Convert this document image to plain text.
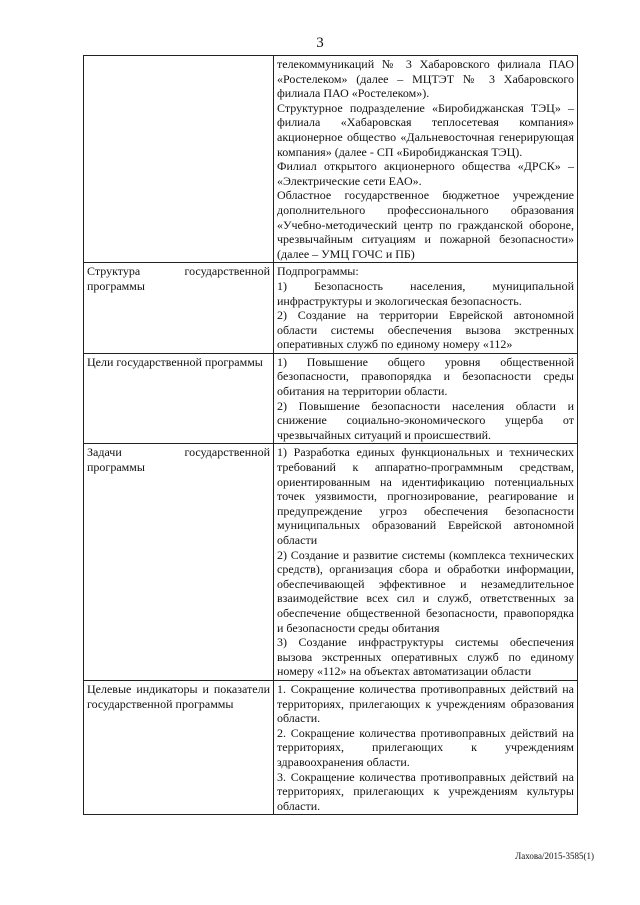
3

	телекоммуникаций № 3 Хабаровского филиала ПАО «Ростелеком» (далее – МЦТЭТ № 3 Хабаровского филиала ПАО «Ростелеком»).

Структурное подразделение «Биробиджанская ТЭЦ» – филиала «Хабаровская теплосетевая компания» акционерное общество «Дальневосточная генерирующая компания» (далее - СП «Биробиджанская ТЭЦ).

Филиал открытого акционерного общества «ДРСК» – «Электрические сети ЕАО».

Областное государственное бюджетное учреждение дополнительного профессионального образования «Учебно-методический центр по гражданской обороне, чрезвычайным ситуациям и пожарной безопасности» (далее – УМЦ ГОЧС и ПБ)

Структура государственной программы	Подпрограммы:

1) Безопасность населения, муниципальной инфраструктуры и экологическая безопасность.

2) Создание на территории Еврейской автономной области системы обеспечения вызова экстренных оперативных служб по единому номеру «112»

Цели государственной программы	1) Повышение общего уровня общественной безопасности, правопорядка и безопасности среды обитания на территории области.

2) Повышение безопасности населения области и снижение социально-экономического ущерба от чрезвычайных ситуаций и происшествий.

Задачи государственной программы	1) Разработка единых функциональных и технических требований к аппаратно-программным средствам, ориентированным на идентификацию потенциальных точек уязвимости, прогнозирование, реагирование и предупреждение угроз обеспечения безопасности муниципальных образований Еврейской автономной области

2) Создание и развитие системы (комплекса технических средств), организация сбора и обработки информации, обеспечивающей эффективное и незамедлительное взаимодействие всех сил и служб, ответственных за обеспечение общественной безопасности, правопорядка и безопасности среды обитания

3) Создание инфраструктуры системы обеспечения вызова экстренных оперативных служб по единому номеру «112» на объектах автоматизации области

Целевые индикаторы и показатели государственной программы	1. Сокращение количества противоправных действий на территориях, прилегающих к учреждениям образования области.

2. Сокращение количества противоправных действий на территориях, прилегающих к учреждениям здравоохранения области.

3. Сокращение количества противоправных действий на территориях, прилегающих к учреждениям культуры области.

Лахова/2015-3585(1)
